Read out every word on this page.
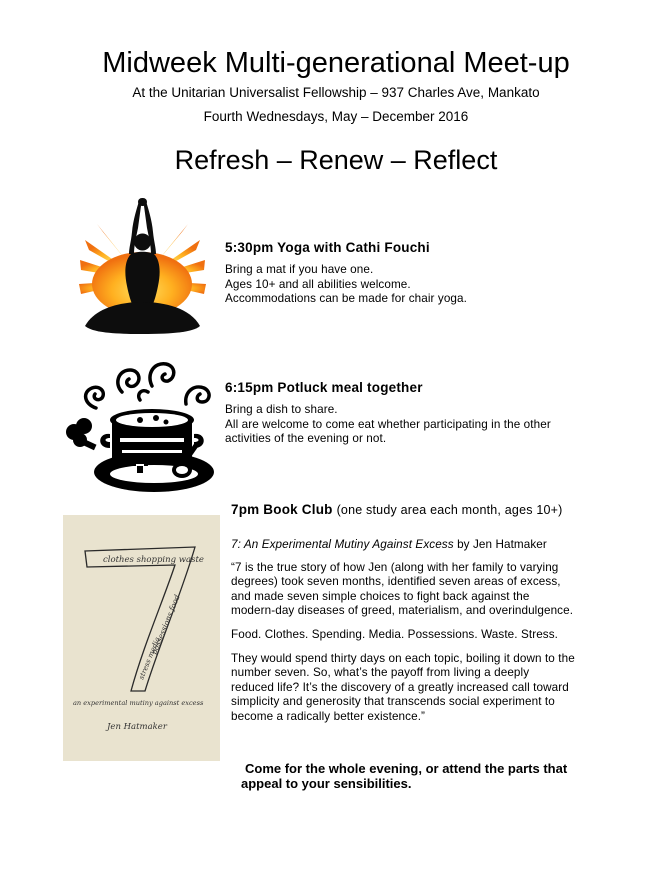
Midweek Multi-generational Meet-up
At the Unitarian Universalist Fellowship – 937 Charles Ave, Mankato
Fourth Wednesdays, May – December 2016
Refresh – Renew – Reflect
5:30pm Yoga with Cathi Fouchi
Bring a mat if you have one.
Ages 10+ and all abilities welcome.
Accommodations can be made for chair yoga.
6:15pm Potluck meal together
Bring a dish to share.
All are welcome to come eat whether participating in the other
activities of the evening or not.
clothes shopping waste
possessions food
stress media
an experimental mutiny against excess
Jen Hatmaker
7pm Book Club (one study area each month, ages 10+)
7: An Experimental Mutiny Against Excess by Jen Hatmaker
“7 is the true story of how Jen (along with her family to varying
degrees) took seven months, identified seven areas of excess,
and made seven simple choices to fight back against the
modern-day diseases of greed, materialism, and overindulgence.
Food. Clothes. Spending. Media. Possessions. Waste. Stress.
They would spend thirty days on each topic, boiling it down to the
number seven. So, what’s the payoff from living a deeply
reduced life? It’s the discovery of a greatly increased call toward
simplicity and generosity that transcends social experiment to
become a radically better existence.”
Come for the whole evening, or attend the parts that
appeal to your sensibilities.
